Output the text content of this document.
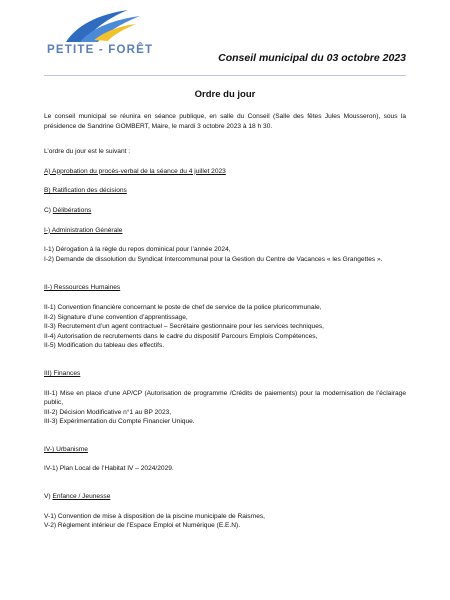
PETITE - FORÊT
Conseil municipal du 03 octobre 2023
Ordre du jour

Le conseil municipal se réunira en séance publique, en salle du Conseil (Salle des fêtes Jules Mousseron), sous la présidence de Sandrine GOMBERT, Maire, le mardi 3 octobre 2023 à 18 h 30.

L’ordre du jour est le suivant :

A) Approbation du procès-verbal de la séance du 4 juillet 2023

B) Ratification des décisions

C) Délibérations

I-) Administration Générale

I-1) Dérogation à la règle du repos dominical pour l’année 2024,

I-2) Demande de dissolution du Syndicat Intercommunal pour la Gestion du Centre de Vacances « les Grangettes ».

II-) Ressources Humaines

II-1) Convention financière concernant le poste de chef de service de la police pluricommunale,

II-2) Signature d’une convention d’apprentissage,

II-3) Recrutement d’un agent contractuel – Secrétaire gestionnaire pour les services techniques,

II-4) Autorisation de recrutements dans le cadre du dispositif Parcours Emplois Compétences,

II-5) Modification du tableau des effectifs.

III) Finances

III-1) Mise en place d’une AP/CP (Autorisation de programme /Crédits de paiements) pour la modernisation de l’éclairage public,

III-2) Décision Modificative n°1 au BP 2023,

III-3) Expérimentation du Compte Financier Unique.

IV-) Urbanisme

IV-1) Plan Local de l’Habitat IV – 2024/2029.

V) Enfance / Jeunesse

V-1) Convention de mise à disposition de la piscine municipale de Raismes,

V-2) Règlement intérieur de l’Espace Emploi et Numérique (E.E.N).
